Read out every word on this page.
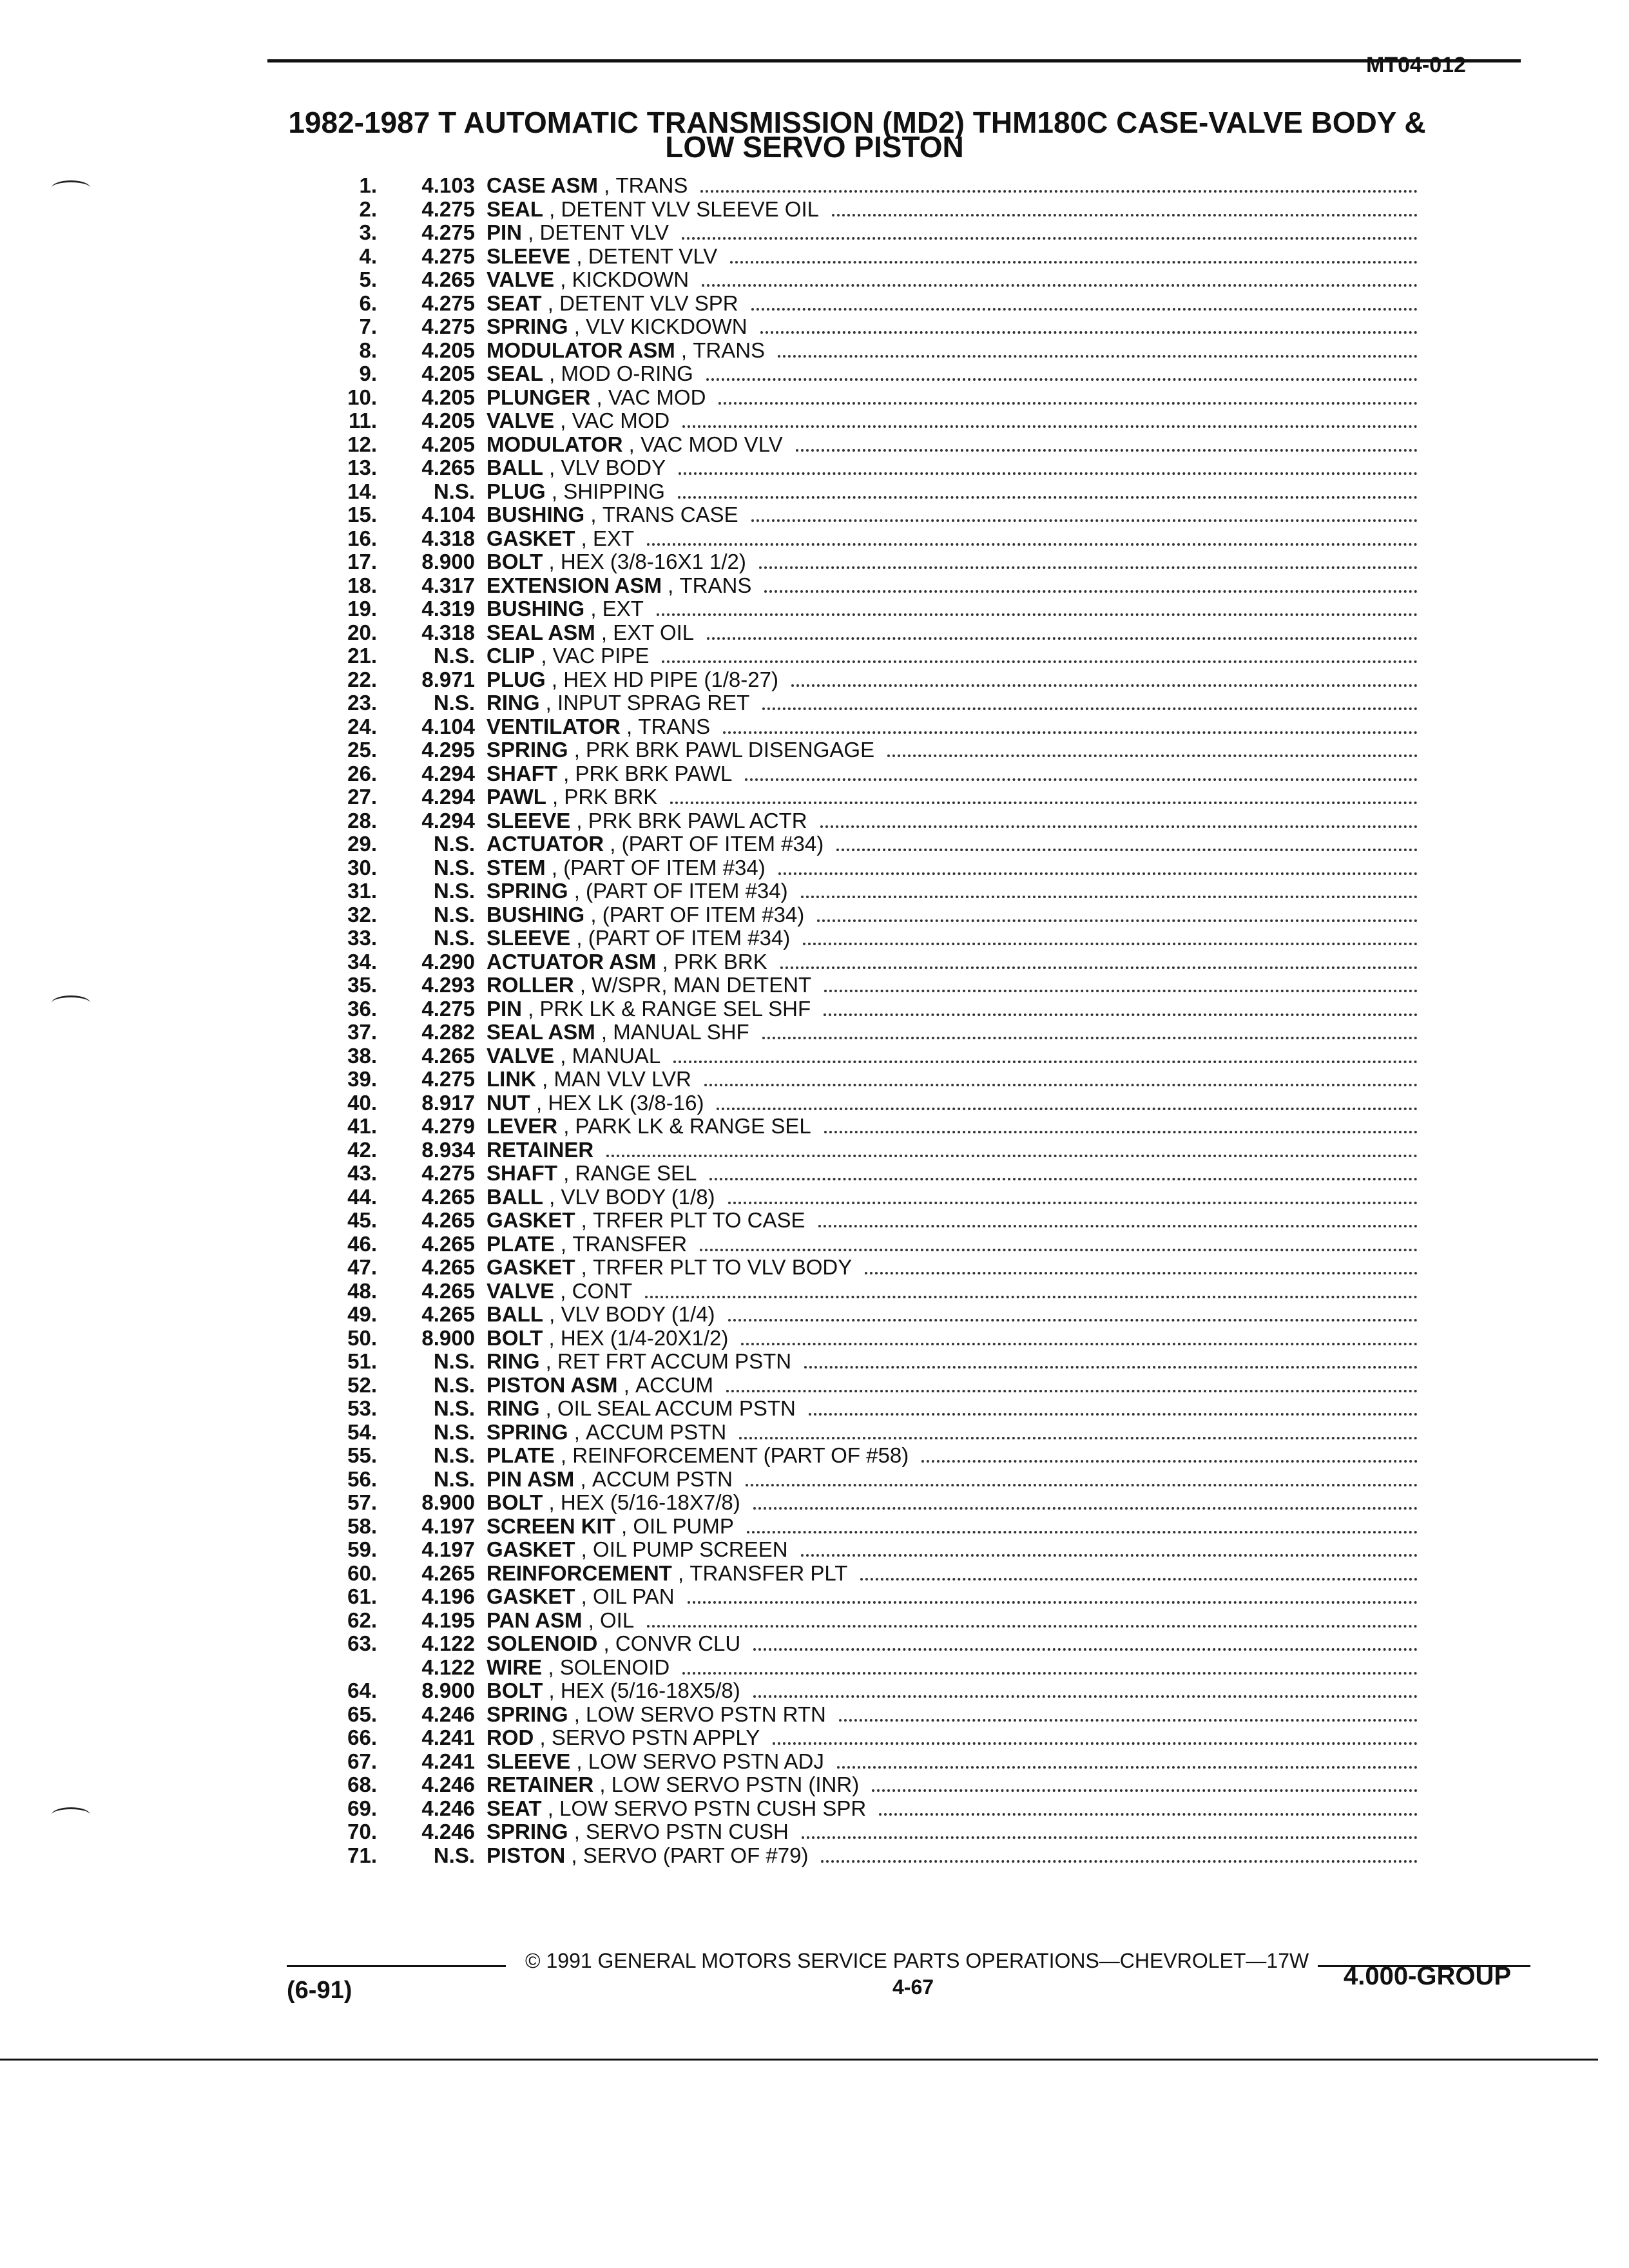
MT04-012
1982-1987 T AUTOMATIC TRANSMISSION (MD2) THM180C CASE-VALVE BODY &
LOW SERVO PISTON
1.	4.103 CASE ASM , TRANS
2.	4.275 SEAL , DETENT VLV SLEEVE OIL
3.	4.275 PIN , DETENT VLV
4.	4.275 SLEEVE , DETENT VLV
5.	4.265 VALVE , KICKDOWN
6.	4.275 SEAT , DETENT VLV SPR
7.	4.275 SPRING , VLV KICKDOWN
8.	4.205 MODULATOR ASM , TRANS
9.	4.205 SEAL , MOD O-RING
10.	4.205 PLUNGER , VAC MOD
11.	4.205 VALVE , VAC MOD
12.	4.205 MODULATOR , VAC MOD VLV
13.	4.265 BALL , VLV BODY
14.	N.S. PLUG , SHIPPING
15.	4.104 BUSHING , TRANS CASE
16.	4.318 GASKET , EXT
17.	8.900 BOLT , HEX (3/8-16X1 1/2)
18.	4.317 EXTENSION ASM , TRANS
19.	4.319 BUSHING , EXT
20.	4.318 SEAL ASM , EXT OIL
21.	N.S. CLIP , VAC PIPE
22.	8.971 PLUG , HEX HD PIPE (1/8-27)
23.	N.S. RING , INPUT SPRAG RET
24.	4.104 VENTILATOR , TRANS
25.	4.295 SPRING , PRK BRK PAWL DISENGAGE
26.	4.294 SHAFT , PRK BRK PAWL
27.	4.294 PAWL , PRK BRK
28.	4.294 SLEEVE , PRK BRK PAWL ACTR
29.	N.S. ACTUATOR , (PART OF ITEM #34)
30.	N.S. STEM , (PART OF ITEM #34)
31.	N.S. SPRING , (PART OF ITEM #34)
32.	N.S. BUSHING , (PART OF ITEM #34)
33.	N.S. SLEEVE , (PART OF ITEM #34)
34.	4.290 ACTUATOR ASM , PRK BRK
35.	4.293 ROLLER , W/SPR, MAN DETENT
36.	4.275 PIN , PRK LK & RANGE SEL SHF
37.	4.282 SEAL ASM , MANUAL SHF
38.	4.265 VALVE , MANUAL
39.	4.275 LINK , MAN VLV LVR
40.	8.917 NUT , HEX LK (3/8-16)
41.	4.279 LEVER , PARK LK & RANGE SEL
42.	8.934 RETAINER
43.	4.275 SHAFT , RANGE SEL
44.	4.265 BALL , VLV BODY (1/8)
45.	4.265 GASKET , TRFER PLT TO CASE
46.	4.265 PLATE , TRANSFER
47.	4.265 GASKET , TRFER PLT TO VLV BODY
48.	4.265 VALVE , CONT
49.	4.265 BALL , VLV BODY (1/4)
50.	8.900 BOLT , HEX (1/4-20X1/2)
51.	N.S. RING , RET FRT ACCUM PSTN
52.	N.S. PISTON ASM , ACCUM
53.	N.S. RING , OIL SEAL ACCUM PSTN
54.	N.S. SPRING , ACCUM PSTN
55.	N.S. PLATE , REINFORCEMENT (PART OF #58)
56.	N.S. PIN ASM , ACCUM PSTN
57.	8.900 BOLT , HEX (5/16-18X7/8)
58.	4.197 SCREEN KIT , OIL PUMP
59.	4.197 GASKET , OIL PUMP SCREEN
60.	4.265 REINFORCEMENT , TRANSFER PLT
61.	4.196 GASKET , OIL PAN
62.	4.195 PAN ASM , OIL
63.	4.122 SOLENOID , CONVR CLU
4.122 WIRE , SOLENOID
64.	8.900 BOLT , HEX (5/16-18X5/8)
65.	4.246 SPRING , LOW SERVO PSTN RTN
66.	4.241 ROD , SERVO PSTN APPLY
67.	4.241 SLEEVE , LOW SERVO PSTN ADJ
68.	4.246 RETAINER , LOW SERVO PSTN (INR)
69.	4.246 SEAT , LOW SERVO PSTN CUSH SPR
70.	4.246 SPRING , SERVO PSTN CUSH
71.	N.S. PISTON , SERVO (PART OF #79)
© 1991 GENERAL MOTORS SERVICE PARTS OPERATIONS—CHEVROLET—17W
(6-91)	4-67	4.000-GROUP
